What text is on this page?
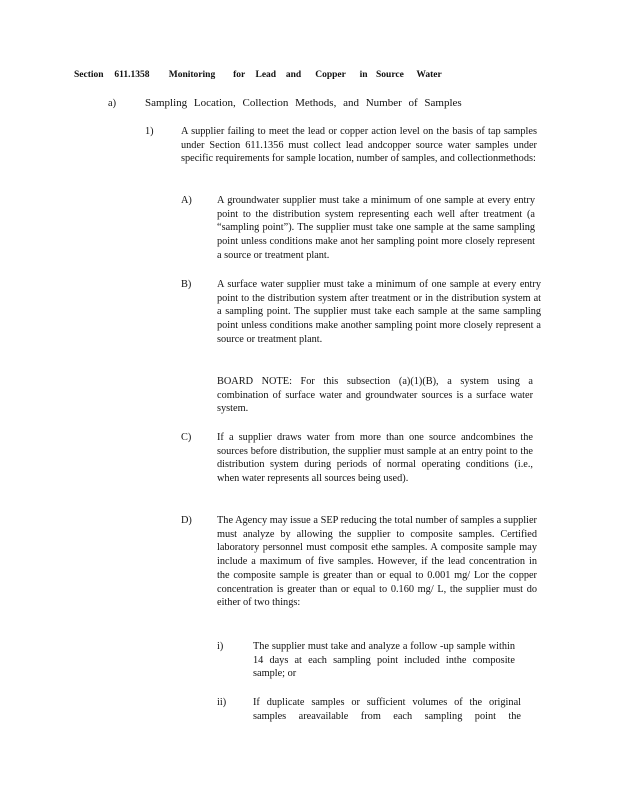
Section 611.1358 Monitoring for Lead and Copper in Source Water
a)	Sampling Location, Collection Methods, and Number of Samples
1)	A supplier failing to meet the lead or copper action level on the basis of tap samples under Section 611.1356 must collect lead andcopper source water samples under specific requirements for sample location, number of samples, and collectionmethods:
A) A groundwater supplier must take a minimum of one sample at every entry point to the distribution system representing each well after treatment (a “sampling point”). The supplier must take one sample at the same sampling point unless conditions make anot her sampling point more closely represent a source or treatment plant.
B) A surface water supplier must take a minimum of one sample at every entry point to the distribution system after treatment or in the distribution system at a sampling point. The supplier must take each sample at the same sampling point unless conditions make another sampling point more closely represent a source or treatment plant.
BOARD NOTE: For this subsection (a)(1)(B), a system using a combination of surface water and groundwater sources is a surface water system.
C) If a supplier draws water from more than one source andcombines the sources before distribution, the supplier must sample at an entry point to the distribution system during periods of normal operating conditions (i.e., when water represents all sources being used).
D) The Agency may issue a SEP reducing the total number of samples a supplier must analyze by allowing the supplier to composite samples. Certified laboratory personnel must composit ethe samples. A composite sample may include a maximum of five samples. However, if the lead concentration in the composite sample is greater than or equal to 0.001 mg/ Lor the copper concentration is greater than or equal to 0.160 mg/ L, the supplier must do either of two things:
i)	The supplier must take and analyze a follow -up sample within 14 days at each sampling point included inthe composite sample; or
ii)	If duplicate samples or sufficient volumes of the original samples areavailable from each sampling point the
